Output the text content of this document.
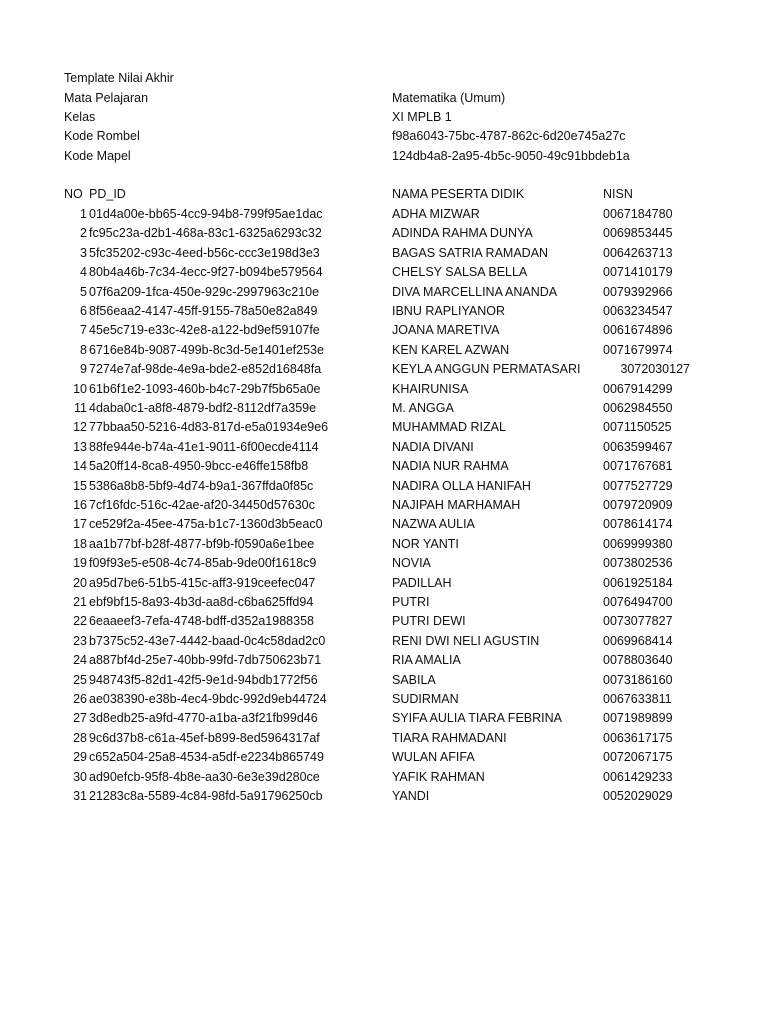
Template Nilai Akhir
Mata Pelajaran	Matematika (Umum)
Kelas	XI MPLB 1
Kode Rombel	f98a6043-75bc-4787-862c-6d20e745a27c
Kode Mapel	124db4a8-2a95-4b5c-9050-49c91bbdeb1a
NO PD_ID	NAMA PESERTA DIDIK	NISN
1 01d4a00e-bb65-4cc9-94b8-799f95ae1dac	ADHA MIZWAR	0067184780
2 fc95c23a-d2b1-468a-83c1-6325a6293c32	ADINDA RAHMA DUNYA	0069853445
3 5fc35202-c93c-4eed-b56c-ccc3e198d3e3	BAGAS SATRIA RAMADAN	0064263713
4 80b4a46b-7c34-4ecc-9f27-b094be579564	CHELSY SALSA BELLA	0071410179
5 07f6a209-1fca-450e-929c-2997963c210e	DIVA MARCELLINA ANANDA	0079392966
6 8f56eaa2-4147-45ff-9155-78a50e82a849	IBNU RAPLIYANOR	0063234547
7 45e5c719-e33c-42e8-a122-bd9ef59107fe	JOANA MARETIVA	0061674896
8 6716e84b-9087-499b-8c3d-5e1401ef253e	KEN KAREL AZWAN	0071679974
9 7274e7af-98de-4e9a-bde2-e852d16848fa	KEYLA ANGGUN PERMATASARI	3072030127
10 61b6f1e2-1093-460b-b4c7-29b7f5b65a0e	KHAIRUNISA	0067914299
11 4daba0c1-a8f8-4879-bdf2-8112df7a359e	M. ANGGA	0062984550
12 77bbaa50-5216-4d83-817d-e5a01934e9e6	MUHAMMAD RIZAL	0071150525
13 88fe944e-b74a-41e1-9011-6f00ecde4114	NADIA DIVANI	0063599467
14 5a20ff14-8ca8-4950-9bcc-e46ffe158fb8	NADIA NUR RAHMA	0071767681
15 5386a8b8-5bf9-4d74-b9a1-367ffda0f85c	NADIRA OLLA HANIFAH	0077527729
16 7cf16fdc-516c-42ae-af20-34450d57630c	NAJIPAH MARHAMAH	0079720909
17 ce529f2a-45ee-475a-b1c7-1360d3b5eac0	NAZWA AULIA	0078614174
18 aa1b77bf-b28f-4877-bf9b-f0590a6e1bee	NOR YANTI	0069999380
19 f09f93e5-e508-4c74-85ab-9de00f1618c9	NOVIA	0073802536
20 a95d7be6-51b5-415c-aff3-919ceefec047	PADILLAH	0061925184
21 ebf9bf15-8a93-4b3d-aa8d-c6ba625ffd94	PUTRI	0076494700
22 6eaaeef3-7efa-4748-bdff-d352a1988358	PUTRI DEWI	0073077827
23 b7375c52-43e7-4442-baad-0c4c58dad2c0	RENI DWI NELI AGUSTIN	0069968414
24 a887bf4d-25e7-40bb-99fd-7db750623b71	RIA AMALIA	0078803640
25 948743f5-82d1-42f5-9e1d-94bdb1772f56	SABILA	0073186160
26 ae038390-e38b-4ec4-9bdc-992d9eb44724	SUDIRMAN	0067633811
27 3d8edb25-a9fd-4770-a1ba-a3f21fb99d46	SYIFA AULIA TIARA FEBRINA	0071989899
28 9c6d37b8-c61a-45ef-b899-8ed5964317af	TIARA RAHMADANI	0063617175
29 c652a504-25a8-4534-a5df-e2234b865749	WULAN AFIFA	0072067175
30 ad90efcb-95f8-4b8e-aa30-6e3e39d280ce	YAFIK RAHMAN	0061429233
31 21283c8a-5589-4c84-98fd-5a91796250cb	YANDI	0052029029
